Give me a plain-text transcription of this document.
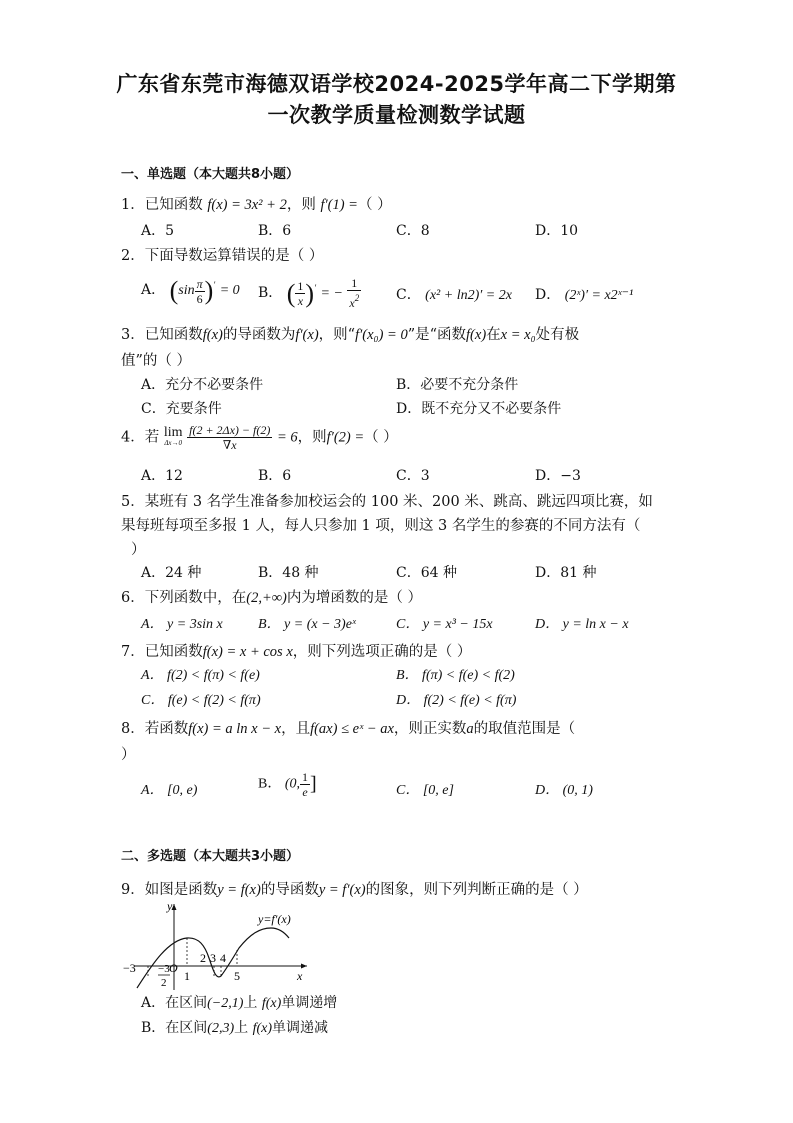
广东省东莞市海德双语学校2024-2025学年高二下学期第
一次教学质量检测数学试题
一、单选题（本大题共8小题）
1．已知函数 f(x) = 3x² + 2，则 f′(1) =（ ）
A．5	B．6	C．8	D．10
2．下面导数运算错误的是（ ）
A． $(\sin \frac{\pi}{6} )' = 0$ B． ( $\frac{1}{x} )'$ = − $\frac{1}{x^2}$ C． (x² + ln2)′ = 2x D． (2ˣ)′ = x2ˣ⁻¹
3．已知函数f(x)的导函数为f′(x)，则“f′(x₀) = 0”是“函数f(x)在x = x₀处有极
值”的（ ）
A．充分不必要条件	B．必要不充分条件
C．充要条件	D．既不充分又不必要条件
4．若 lim
Δx→0
$\frac{f(2 + 2\Delta x) - f(2)}{\nabla x} = 6$，则f′(2) =（ ）
A．12	B．6	C．3	D．−3
5．某班有 3 名学生准备参加校运会的 100 米、200 米、跳高、跳远四项比赛，如
果每班每项至多报 1 人，每人只参加 1 项，则这 3 名学生的参赛的不同方法有（
）
A．24 种	B．48 种	C．64 种	D．81 种
6．下列函数中，在(2,+∞)内为增函数的是（ ）
A． y = 3sin x	B． y = (x − 3)eˣ	C． y = x³ − 15x	D． y = ln x − x
7．已知函数f(x) = x + cos x，则下列选项正确的是（ ）
A． f(2) < f(π) < f(e)	B． f(π) < f(e) < f(2)
C． f(e) < f(2) < f(π)	D． f(2) < f(e) < f(π)
8．若函数f(x) = a ln x − x，且f(ax) ≤ eˣ − ax，则正实数a的取值范围是（
）
A． [0, e)	B． (0, $\frac{1}{e}$ ]	C． [0, e]	D． (0, 1)
二、多选题（本大题共3小题）
9．如图是函数y = f(x)的导函数y = f′(x)的图象，则下列判断正确的是（ ）
y
x
y=f′(x)
−3 −3
2
O
1
2 3 4
5
A．在区间(−2,1)上 f(x)单调递增
B．在区间(2,3)上 f(x)单调递减
